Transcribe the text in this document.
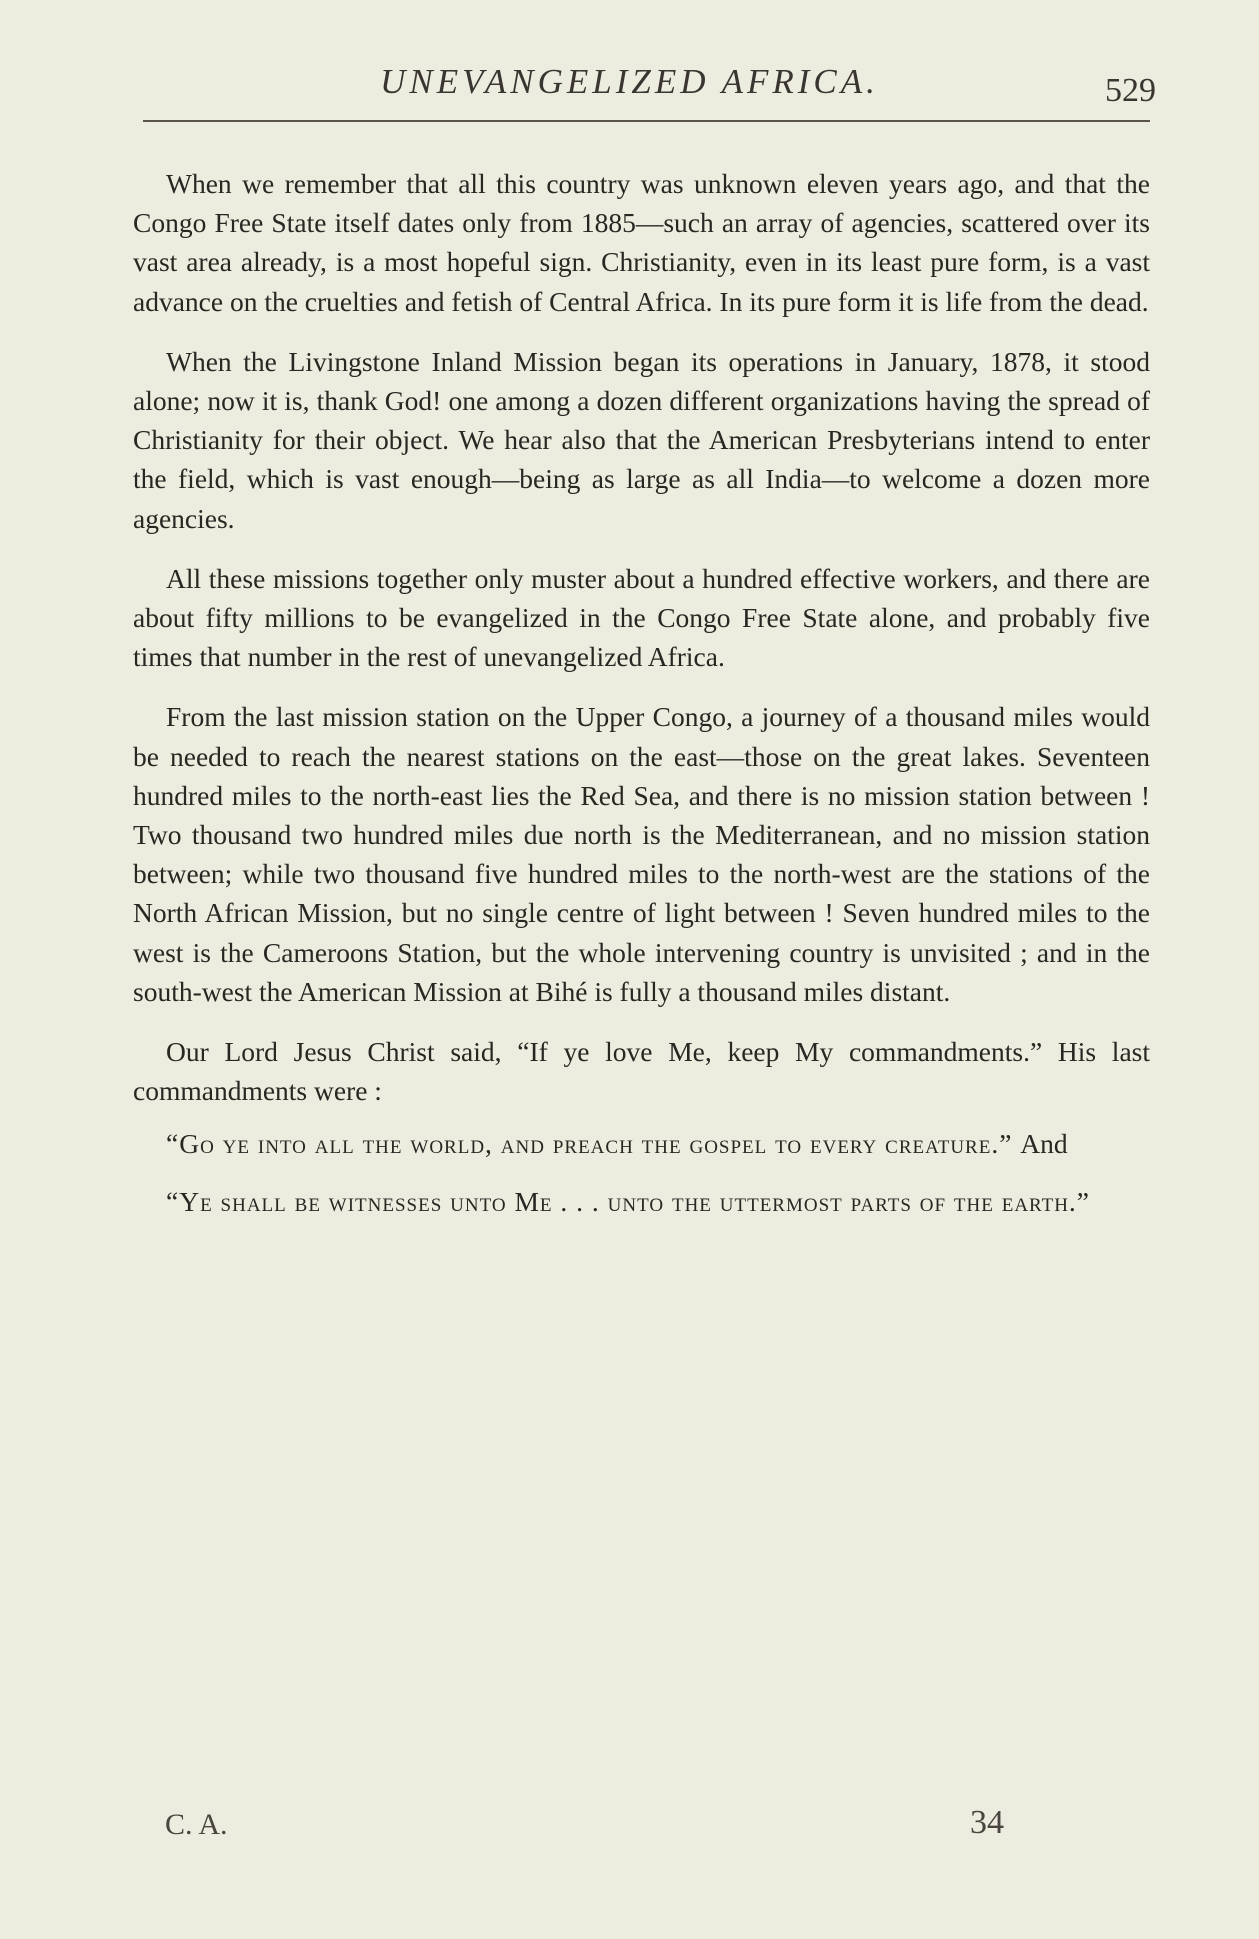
UNEVANGELIZED AFRICA.	529

When we remember that all this country was unknown eleven years ago, and that the Congo Free State itself dates only from 1885—such an array of agencies, scattered over its vast area already, is a most hopeful sign. Christianity, even in its least pure form, is a vast advance on the cruelties and fetish of Central Africa. In its pure form it is life from the dead.

When the Livingstone Inland Mission began its operations in January, 1878, it stood alone; now it is, thank God! one among a dozen different organizations having the spread of Christianity for their object. We hear also that the American Presbyterians intend to enter the field, which is vast enough—being as large as all India—to welcome a dozen more agencies.

All these missions together only muster about a hundred effective workers, and there are about fifty millions to be evangelized in the Congo Free State alone, and probably five times that number in the rest of unevangelized Africa.

From the last mission station on the Upper Congo, a journey of a thousand miles would be needed to reach the nearest stations on the east—those on the great lakes. Seventeen hundred miles to the north-east lies the Red Sea, and there is no mission station between ! Two thousand two hundred miles due north is the Mediterranean, and no mission station between; while two thousand five hundred miles to the north-west are the stations of the North African Mission, but no single centre of light between ! Seven hundred miles to the west is the Cameroons Station, but the whole intervening country is unvisited ; and in the south-west the American Mission at Bihé is fully a thousand miles distant.

Our Lord Jesus Christ said, “If ye love Me, keep My commandments.” His last commandments were :

“Go ye into all the world, and preach the gospel to every creature.” And

“Ye shall be witnesses unto Me . . . unto the uttermost parts of the earth.”

C. A.	34
